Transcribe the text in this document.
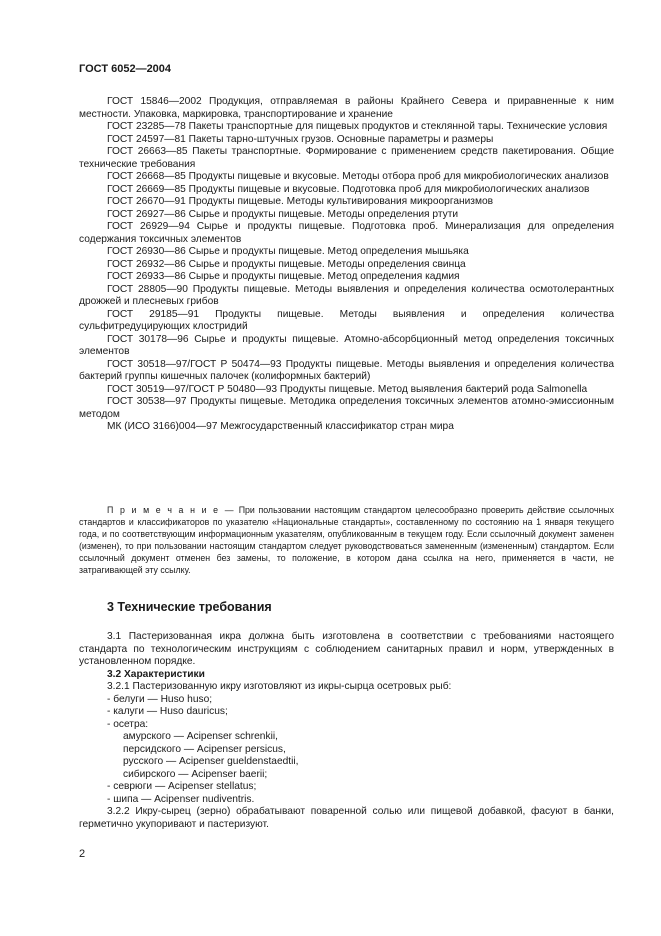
ГОСТ 6052—2004
ГОСТ 15846—2002 Продукция, отправляемая в районы Крайнего Севера и приравненные к ним местности. Упаковка, маркировка, транспортирование и хранение
ГОСТ 23285—78 Пакеты транспортные для пищевых продуктов и стеклянной тары. Технические условия
ГОСТ 24597—81 Пакеты тарно-штучных грузов. Основные параметры и размеры
ГОСТ 26663—85 Пакеты транспортные. Формирование с применением средств пакетирования. Общие технические требования
ГОСТ 26668—85 Продукты пищевые и вкусовые. Методы отбора проб для микробиологических анализов
ГОСТ 26669—85 Продукты пищевые и вкусовые. Подготовка проб для микробиологических анализов
ГОСТ 26670—91 Продукты пищевые. Методы культивирования микроорганизмов
ГОСТ 26927—86 Сырье и продукты пищевые. Методы определения ртути
ГОСТ 26929—94 Сырье и продукты пищевые. Подготовка проб. Минерализация для определения содержания токсичных элементов
ГОСТ 26930—86 Сырье и продукты пищевые. Метод определения мышьяка
ГОСТ 26932—86 Сырье и продукты пищевые. Методы определения свинца
ГОСТ 26933—86 Сырье и продукты пищевые. Метод определения кадмия
ГОСТ 28805—90 Продукты пищевые. Методы выявления и определения количества осмотолерантных дрожжей и плесневых грибов
ГОСТ 29185—91 Продукты пищевые. Методы выявления и определения количества сульфитредуцирующих клостридий
ГОСТ 30178—96 Сырье и продукты пищевые. Атомно-абсорбционный метод определения токсичных элементов
ГОСТ 30518—97/ГОСТ Р 50474—93 Продукты пищевые. Методы выявления и определения количества бактерий группы кишечных палочек (колиформных бактерий)
ГОСТ 30519—97/ГОСТ Р 50480—93 Продукты пищевые. Метод выявления бактерий рода Salmonella
ГОСТ 30538—97 Продукты пищевые. Методика определения токсичных элементов атомно-эмиссионным методом
МК (ИСО 3166)004—97 Межгосударственный классификатор стран мира
П р и м е ч а н и е — При пользовании настоящим стандартом целесообразно проверить действие ссылочных стандартов и классификаторов по указателю «Национальные стандарты», составленному по состоянию на 1 января текущего года, и по соответствующим информационным указателям, опубликованным в текущем году. Если ссылочный документ заменен (изменен), то при пользовании настоящим стандартом следует руководствоваться замененным (измененным) стандартом. Если ссылочный документ отменен без замены, то положение, в котором дана ссылка на него, применяется в части, не затрагивающей эту ссылку.
3 Технические требования

3.1 Пастеризованная икра должна быть изготовлена в соответствии с требованиями настоящего стандарта по технологическим инструкциям с соблюдением санитарных правил и норм, утвержденных в установленном порядке.

3.2 Характеристики

3.2.1 Пастеризованную икру изготовляют из икры-сырца осетровых рыб:

- белуги — Huso huso;

- калуги — Huso dauricus;

- осетра:

амурского — Acipenser schrenkii,

персидского — Acipenser persicus,

русского — Acipenser gueldenstaedtii,

сибирского — Acipenser baerii;

- севрюги — Acipenser stellatus;

- шипа — Acipenser nudiventris.

3.2.2 Икру-сырец (зерно) обрабатывают поваренной солью или пищевой добавкой, фасуют в банки, герметично укупоривают и пастеризуют.

2
